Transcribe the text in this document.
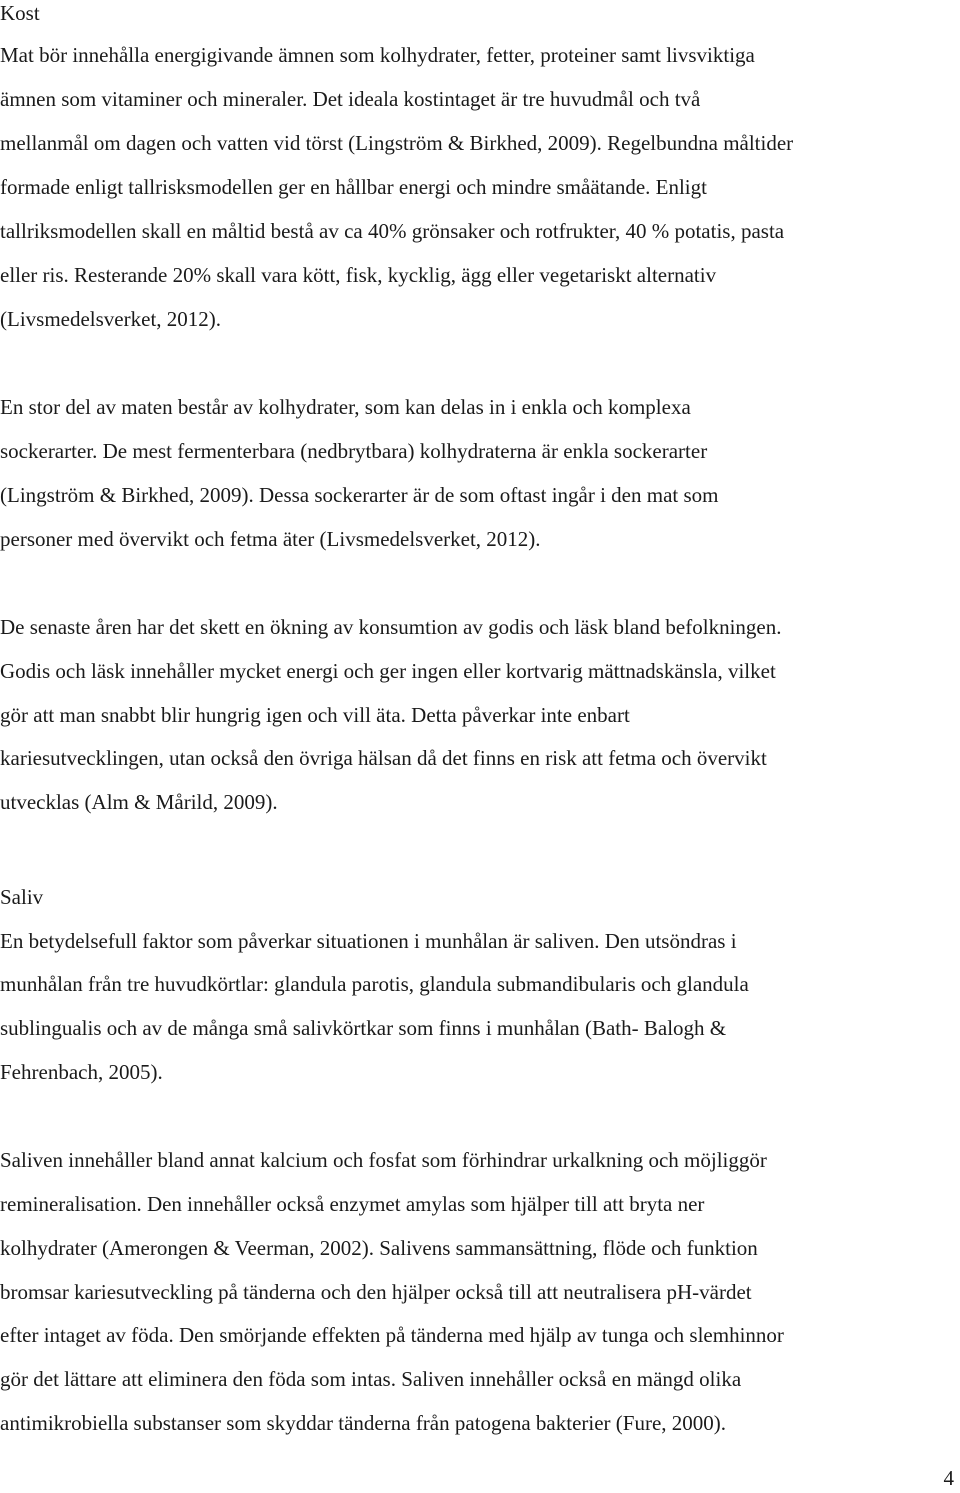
Kost

Mat bör innehålla energigivande ämnen som kolhydrater, fetter, proteiner samt livsviktiga

ämnen som vitaminer och mineraler. Det ideala kostintaget är tre huvudmål och två

mellanmål om dagen och vatten vid törst (Lingström & Birkhed, 2009). Regelbundna måltider

formade enligt tallrisksmodellen ger en hållbar energi och mindre småätande. Enligt

tallriksmodellen skall en måltid bestå av ca 40% grönsaker och rotfrukter, 40 % potatis, pasta

eller ris. Resterande 20% skall vara kött, fisk, kycklig, ägg eller vegetariskt alternativ

(Livsmedelsverket, 2012).

En stor del av maten består av kolhydrater, som kan delas in i enkla och komplexa

sockerarter. De mest fermenterbara (nedbrytbara) kolhydraterna är enkla sockerarter

(Lingström & Birkhed, 2009). Dessa sockerarter är de som oftast ingår i den mat som

personer med övervikt och fetma äter (Livsmedelsverket, 2012).

De senaste åren har det skett en ökning av konsumtion av godis och läsk bland befolkningen.

Godis och läsk innehåller mycket energi och ger ingen eller kortvarig mättnadskänsla, vilket

gör att man snabbt blir hungrig igen och vill äta. Detta påverkar inte enbart

kariesutvecklingen, utan också den övriga hälsan då det finns en risk att fetma och övervikt

utvecklas (Alm & Mårild, 2009).

Saliv

En betydelsefull faktor som påverkar situationen i munhålan är saliven. Den utsöndras i

munhålan från tre huvudkörtlar: glandula parotis, glandula submandibularis och glandula

sublingualis och av de många små salivkörtkar som finns i munhålan (Bath- Balogh &

Fehrenbach, 2005).

Saliven innehåller bland annat kalcium och fosfat som förhindrar urkalkning och möjliggör

remineralisation. Den innehåller också enzymet amylas som hjälper till att bryta ner

kolhydrater (Amerongen & Veerman, 2002). Salivens sammansättning, flöde och funktion

bromsar kariesutveckling på tänderna och den hjälper också till att neutralisera pH-värdet

efter intaget av föda. Den smörjande effekten på tänderna med hjälp av tunga och slemhinnor

gör det lättare att eliminera den föda som intas. Saliven innehåller också en mängd olika

antimikrobiella substanser som skyddar tänderna från patogena bakterier (Fure, 2000).

4
